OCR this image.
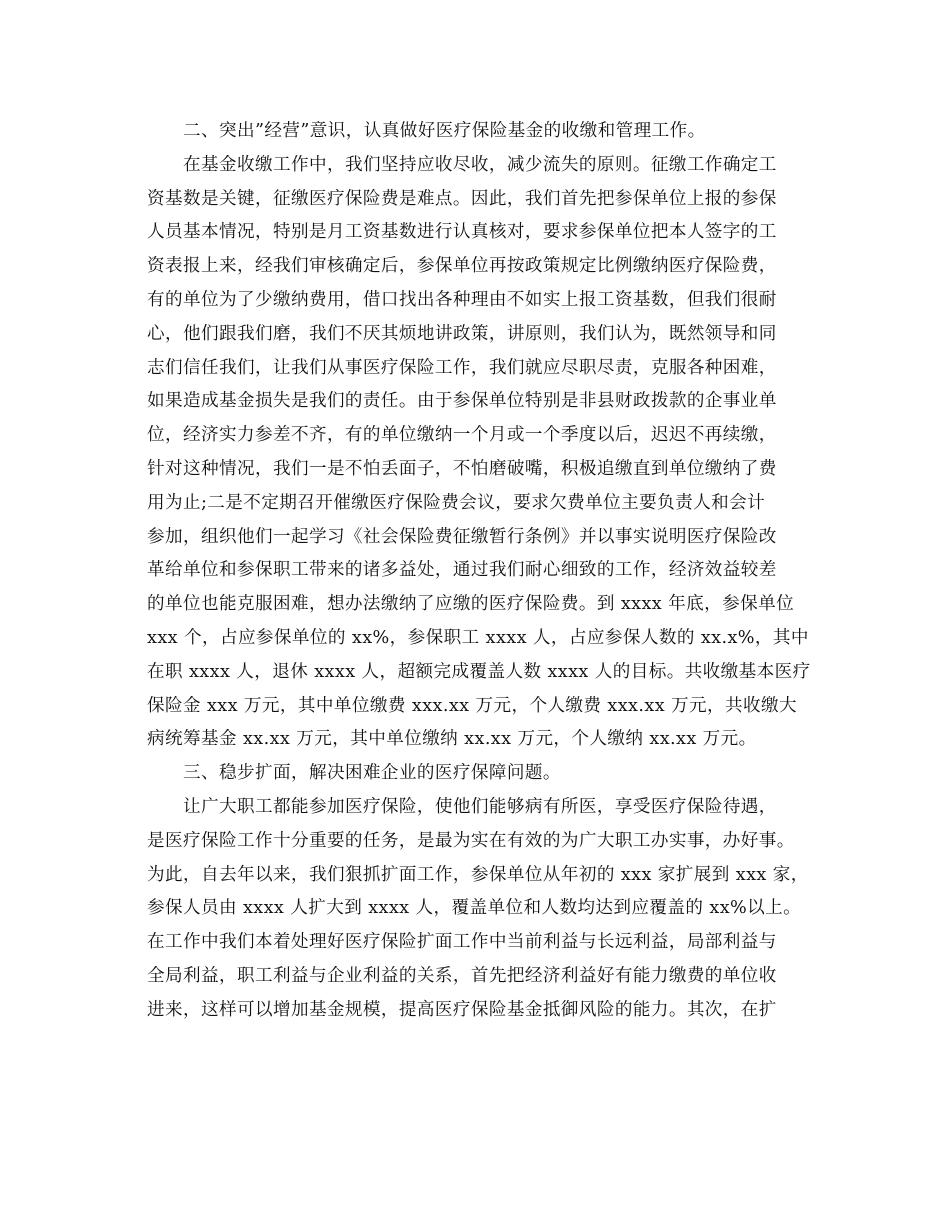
二、突出”经营”意识，认真做好医疗保险基金的收缴和管理工作。
在基金收缴工作中，我们坚持应收尽收，减少流失的原则。征缴工作确定工
资基数是关键，征缴医疗保险费是难点。因此，我们首先把参保单位上报的参保
人员基本情况，特别是月工资基数进行认真核对，要求参保单位把本人签字的工
资表报上来，经我们审核确定后，参保单位再按政策规定比例缴纳医疗保险费，
有的单位为了少缴纳费用，借口找出各种理由不如实上报工资基数，但我们很耐
心，他们跟我们磨，我们不厌其烦地讲政策，讲原则，我们认为，既然领导和同
志们信任我们，让我们从事医疗保险工作，我们就应尽职尽责，克服各种困难，
如果造成基金损失是我们的责任。由于参保单位特别是非县财政拨款的企事业单
位，经济实力参差不齐，有的单位缴纳一个月或一个季度以后，迟迟不再续缴，
针对这种情况，我们一是不怕丢面子，不怕磨破嘴，积极追缴直到单位缴纳了费
用为止;二是不定期召开催缴医疗保险费会议，要求欠费单位主要负责人和会计
参加，组织他们一起学习《社会保险费征缴暂行条例》并以事实说明医疗保险改
革给单位和参保职工带来的诸多益处，通过我们耐心细致的工作，经济效益较差
的单位也能克服困难，想办法缴纳了应缴的医疗保险费。到 xxxx 年底，参保单位
xxx 个，占应参保单位的 xx%，参保职工 xxxx 人，占应参保人数的 xx.x%，其中
在职 xxxx 人，退休 xxxx 人，超额完成覆盖人数 xxxx 人的目标。共收缴基本医疗
保险金 xxx 万元，其中单位缴费 xxx.xx 万元，个人缴费 xxx.xx 万元，共收缴大
病统筹基金 xx.xx 万元，其中单位缴纳 xx.xx 万元，个人缴纳 xx.xx 万元。
三、稳步扩面，解决困难企业的医疗保障问题。
让广大职工都能参加医疗保险，使他们能够病有所医，享受医疗保险待遇，
是医疗保险工作十分重要的任务，是最为实在有效的为广大职工办实事，办好事。
为此，自去年以来，我们狠抓扩面工作，参保单位从年初的 xxx 家扩展到 xxx 家，
参保人员由 xxxx 人扩大到 xxxx 人，覆盖单位和人数均达到应覆盖的 xx%以上。
在工作中我们本着处理好医疗保险扩面工作中当前利益与长远利益，局部利益与
全局利益，职工利益与企业利益的关系，首先把经济利益好有能力缴费的单位收
进来，这样可以增加基金规模，提高医疗保险基金抵御风险的能力。其次，在扩
